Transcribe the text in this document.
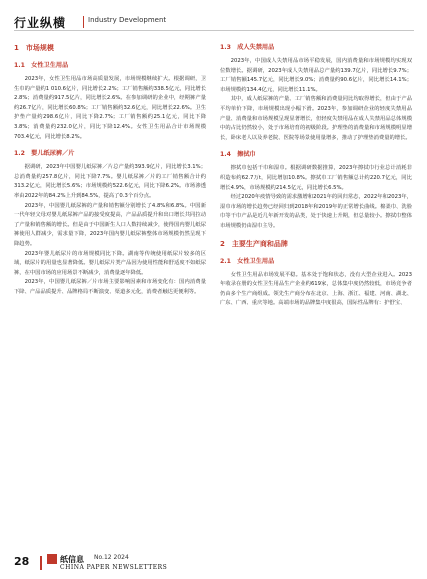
行业纵横	Industry Development
1　市场规模
1.1　女性卫生用品

2023年，女性卫生用品市场高质量发展，市场规模继续扩大。根据调研，卫生巾的产量约1 010.6亿片，同比增长2.2%；工厂销售额约338.5亿元，同比增长2.8%；消费量约917.5亿片，同比增长2.6%。在参加调研的企业中，经期裤产量约26.7亿片，同比增长60.8%；工厂销售额约32.6亿元，同比增长22.6%。卫生护垫产量约298.6亿片，同比下降2.7%；工厂销售额约25.1亿元，同比下降3.8%；消费量约232.0亿片，同比下降12.4%。女性卫生用品合计市场规模703.4亿元，同比增长8.2%。

1.2　婴儿纸尿裤／片

据调研，2023年中国婴儿纸尿裤／片总产量约393.9亿片，同比增长3.1%；总消费量约257.8亿片，同比下降7.7%。婴儿纸尿裤／片的工厂销售额合计约313.2亿元，同比增长5.6%；市场规模约522.6亿元，同比下降6.2%。市场渗透率由2022年的84.2%上升到84.5%，提高了0.3个百分点。

2023年，中国婴儿纸尿裤的产量和销售额分别增长了4.8%和6.8%。中国新一代年轻父母对婴儿纸尿裤产品的接受度提高，产品品质提升和出口增长共同拉动了产量和销售额的增长。但是由于中国新生人口人数持续减少，使得国内婴儿纸尿裤使用人群减少，需求量下降，2023年国内婴儿纸尿裤整体市场规模仍然呈现下降趋势。

2023年婴儿纸尿片的市场规模同比下降。湖南等传统使用纸尿片较多的区域，纸尿片的用量也显著降低。婴儿纸尿片类产品因为使用性能和舒适度不如纸尿裤，在中国市场的应用场景不断减少，消费量逐年降低。

2023年，中国婴儿纸尿裤／片市场主要影响因素和市场变化有：国内消费量下降、产品品质提升、品牌格局不断演变、渠道多元化，消费者触达更便利等。

1.3　成人失禁用品

2023年，中国成人失禁用品市场平稳发展，国内消费量和市场规模均实现双位数增长。据调研，2023年成人失禁用品总产量约139.7亿片，同比增长9.7%；工厂销售额145.7亿元，同比增长9.0%；消费量约90.6亿片，同比增长14.1%；市场规模约134.4亿元，同比增长11.1%。

其中，成人纸尿裤的产量、工厂销售额和消费量同比均取得增长，但由于产品平均单价下降，市场规模出现小幅下滑。2023年，参加调研企业的轻度失禁用品产量、消费量和市场规模呈现显著增长，但轻度失禁用品在成人失禁用品总体规模中的占比仍然较小，处于市场培育的初级阶段。护理垫的消费量和市场规模明显增长，卧床老人以及养老院、医院等场景使用量增多，推动了护理垫消费量的增长。

1.4　擦拭巾

擦拭巾包括干巾和湿巾。根据调研数据推算，2023年擦拭巾行业总计消耗非织造布约62.7万t，同比增加10.8%。擦拭巾工厂销售额总计约220.7亿元，同比增长4.9%，市场规模约214.5亿元，同比增长6.5%。

经过2020年疫情导致的需求激增和2021年的回归常态，2022年和2023年，湿巾市场的增长趋势已经回归到2018年和2019年的正常增长曲线。棉柔巾、洗脸巾等干巾产品是近几年新开发的品类，处于快速上升期，但总量较小。擦拭巾整体市场规模仍由湿巾主导。

2　主要生产商和品牌
2.1　女性卫生用品

女性卫生用品市场发展平稳。基本处于饱和状态，没有大型企业进入。2023年收录在册的女性卫生用品生产企业约619家，总体集中度仍然较低，市场竞争者仍由多个生产商组成。领先生产商分布在北京、上海、浙江、福建、河南、湖北、广东、广西、重庆等地。高端市场的品牌集中度很高，国际性品牌有：护舒宝、

28	纸信息 No.12 2024
CHINA PAPER NEWSLETTERS
